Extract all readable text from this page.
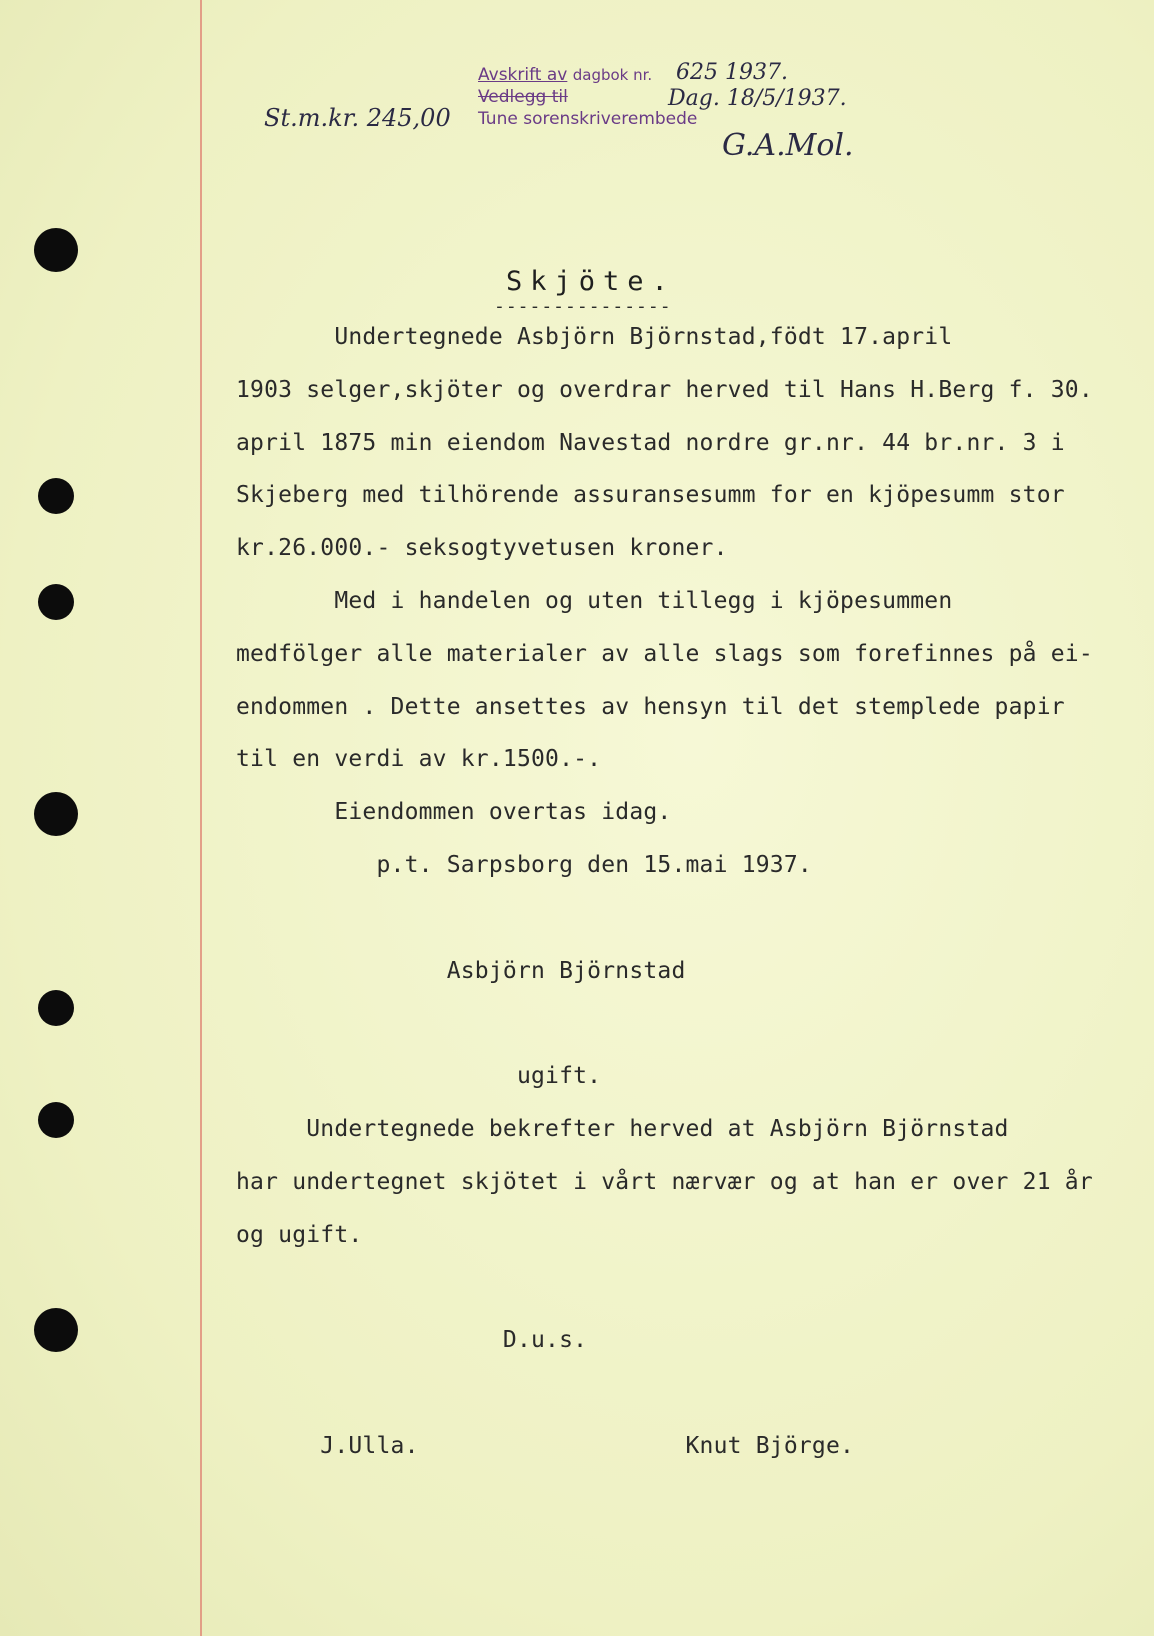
Avskrift av dagbok nr.
Vedlegg til
Tune sorenskriverembede
St.m.kr. 245,00
625 1937.
Dag. 18/5/1937.
G.A.Mol.
Skjöte.
---------------
Undertegnede Asbjörn Björnstad,födt 17.april
1903 selger,skjöter og overdrar herved til Hans H.Berg f. 30.
april 1875 min eiendom Navestad nordre gr.nr. 44 br.nr. 3 i
Skjeberg med tilhörende assuransesumm for en kjöpesumm stor
kr.26.000.- seksogtyvetusen kroner.
Med i handelen og uten tillegg i kjöpesummen
medfölger alle materialer av alle slags som forefinnes på ei-
endommen . Dette ansettes av hensyn til det stemplede papir
til en verdi av kr.1500.-.
Eiendommen overtas idag.
p.t. Sarpsborg den 15.mai 1937.
Asbjörn Björnstad
ugift.
Undertegnede bekrefter herved at Asbjörn Björnstad
har undertegnet skjötet i vårt nærvær og at han er over 21 år
og ugift.
D.u.s.
J.Ulla.                   Knut Björge.
